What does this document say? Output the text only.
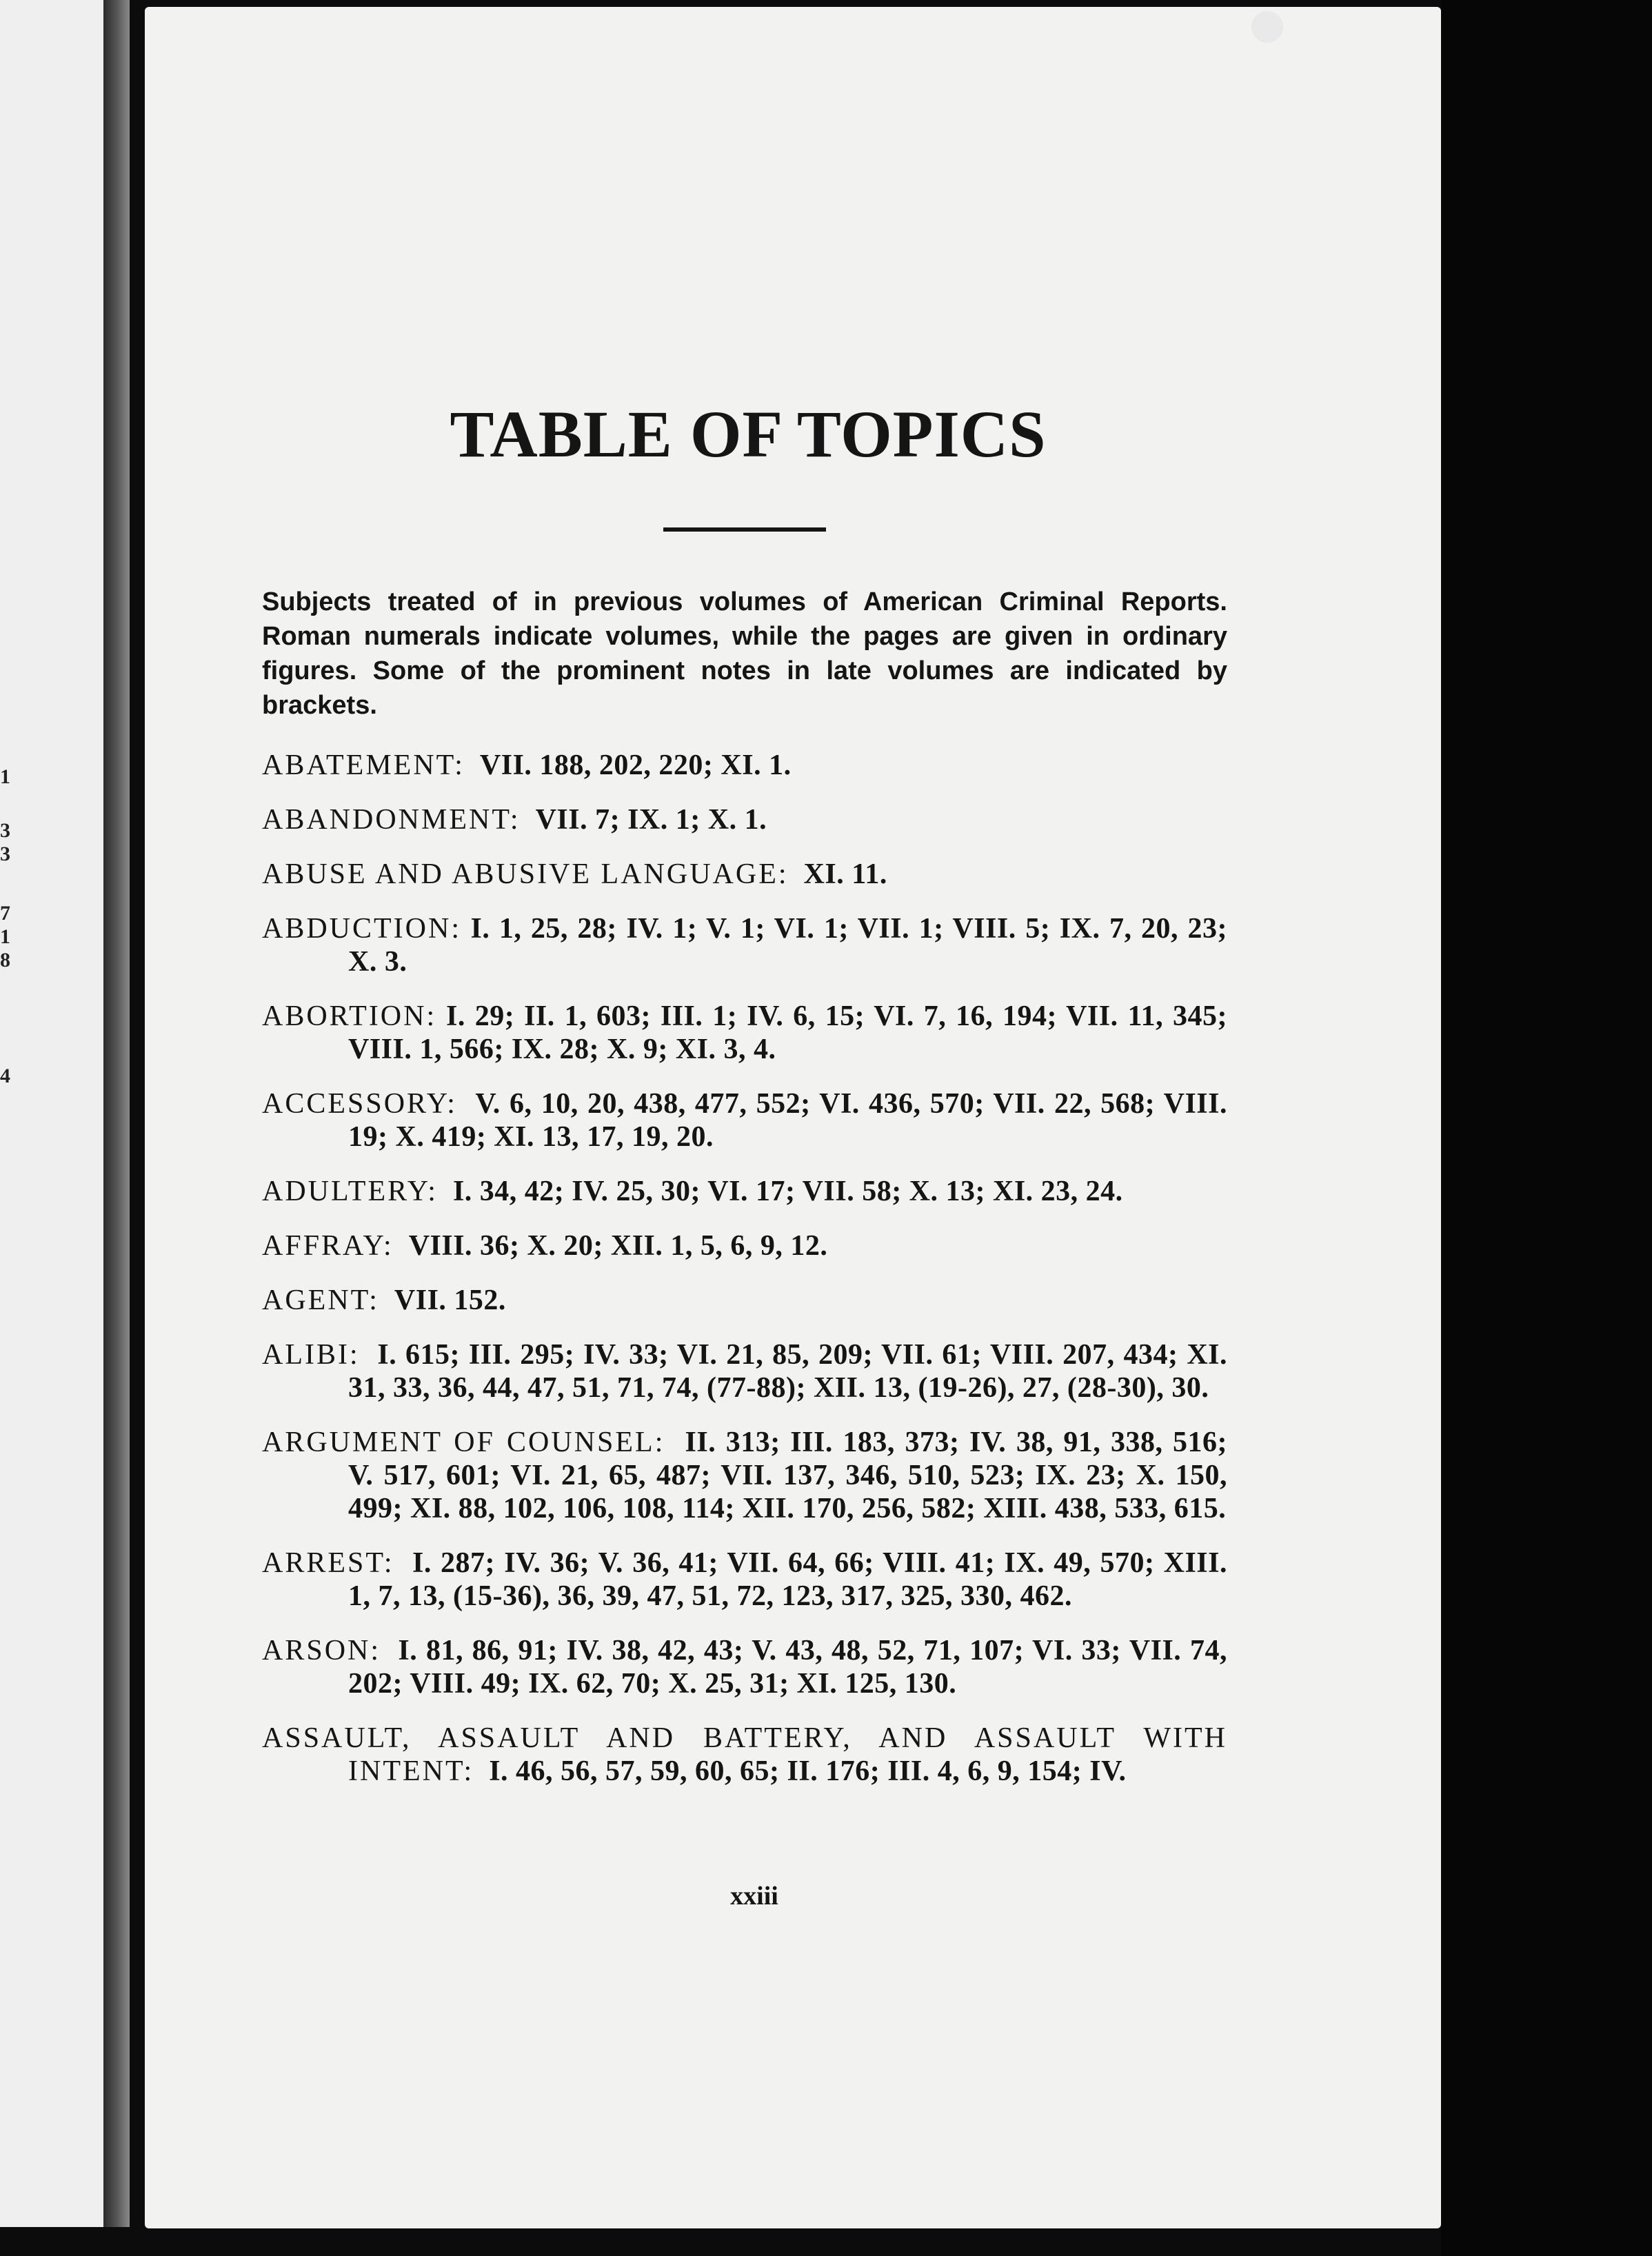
1
3
3
7
1
8
4
TABLE OF TOPICS

Subjects treated of in previous volumes of American Criminal Reports. Roman numerals indicate volumes, while the pages are given in ordinary figures. Some of the prominent notes in late volumes are indicated by brackets.

ABATEMENT: VII. 188, 202, 220; XI. 1.

ABANDONMENT: VII. 7; IX. 1; X. 1.

ABUSE AND ABUSIVE LANGUAGE: XI. 11.

ABDUCTION: I. 1, 25, 28; IV. 1; V. 1; VI. 1; VII. 1; VIII. 5; IX. 7, 20, 23; X. 3.

ABORTION: I. 29; II. 1, 603; III. 1; IV. 6, 15; VI. 7, 16, 194; VII. 11, 345; VIII. 1, 566; IX. 28; X. 9; XI. 3, 4.

ACCESSORY: V. 6, 10, 20, 438, 477, 552; VI. 436, 570; VII. 22, 568; VIII. 19; X. 419; XI. 13, 17, 19, 20.

ADULTERY: I. 34, 42; IV. 25, 30; VI. 17; VII. 58; X. 13; XI. 23, 24.

AFFRAY: VIII. 36; X. 20; XII. 1, 5, 6, 9, 12.

AGENT: VII. 152.

ALIBI: I. 615; III. 295; IV. 33; VI. 21, 85, 209; VII. 61; VIII. 207, 434; XI. 31, 33, 36, 44, 47, 51, 71, 74, (77-88); XII. 13, (19-26), 27, (28-30), 30.

ARGUMENT OF COUNSEL: II. 313; III. 183, 373; IV. 38, 91, 338, 516; V. 517, 601; VI. 21, 65, 487; VII. 137, 346, 510, 523; IX. 23; X. 150, 499; XI. 88, 102, 106, 108, 114; XII. 170, 256, 582; XIII. 438, 533, 615.

ARREST: I. 287; IV. 36; V. 36, 41; VII. 64, 66; VIII. 41; IX. 49, 570; XIII. 1, 7, 13, (15-36), 36, 39, 47, 51, 72, 123, 317, 325, 330, 462.

ARSON: I. 81, 86, 91; IV. 38, 42, 43; V. 43, 48, 52, 71, 107; VI. 33; VII. 74, 202; VIII. 49; IX. 62, 70; X. 25, 31; XI. 125, 130.

ASSAULT, ASSAULT AND BATTERY, AND ASSAULT WITH INTENT: I. 46, 56, 57, 59, 60, 65; II. 176; III. 4, 6, 9, 154; IV.

xxiii
